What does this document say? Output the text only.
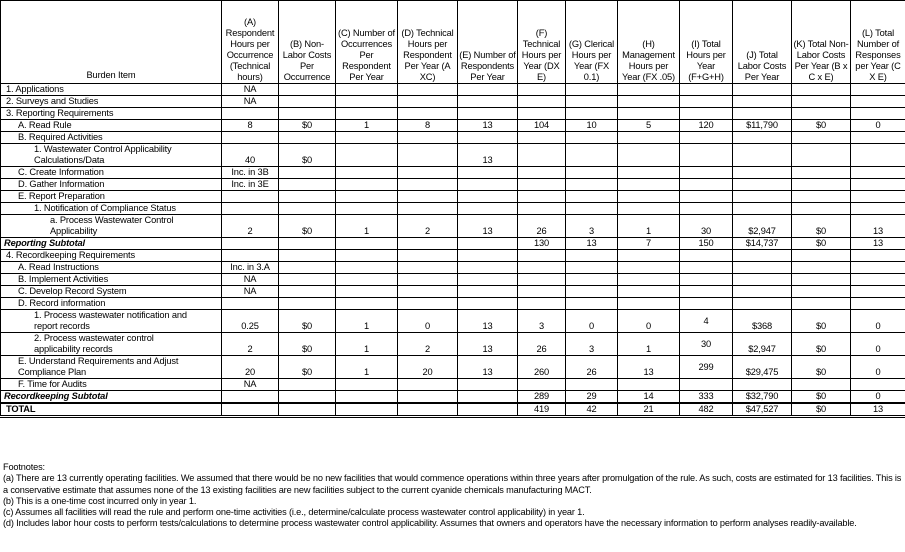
Burden Item	(A) Respondent Hours per Occurrence (Technical hours)	(B) Non-Labor Costs Per Occurrence	(C) Number of Occurrences Per Respondent Per Year	(D) Technical Hours per Respondent Per Year (A XC)	(E) Number of Respondents Per Year	(F) Technical Hours per Year (DX E)	(G) Clerical Hours per Year (FX 0.1)	(H) Management Hours per Year (FX .05)	(I) Total Hours per Year (F+G+H)	(J) Total Labor Costs Per Year	(K) Total Non-Labor Costs Per Year (B x C x E)	(L) Total Number of Responses per Year (C X E)
1. Applications	NA											
2. Surveys and Studies	NA											
3. Reporting Requirements												
A. Read Rule	8	$0	1	8	13	104	10	5	120	$11,790	$0	0
B. Required Activities												
1. Wastewater Control Applicability Calculations/Data	40	$0			13							
C. Create Information	Inc. in 3B											
D. Gather Information	Inc. in 3E											
E. Report Preparation												
1. Notification of Compliance Status												
a. Process Wastewater Control Applicability	2	$0	1	2	13	26	3	1	30	$2,947	$0	13
Reporting Subtotal						130	13	7	150	$14,737	$0	13
4. Recordkeeping Requirements												
A. Read Instructions	Inc. in 3.A											
B. Implement Activities	NA											
C. Develop Record System	NA											
D. Record information												
1. Process wastewater notification and report records	0.25	$0	1	0	13	3	0	0	4	$368	$0	0
2. Process wastewater control applicability records	2	$0	1	2	13	26	3	1	30	$2,947	$0	0
E. Understand Requirements and Adjust Compliance Plan	20	$0	1	20	13	260	26	13	299	$29,475	$0	0
F. Time for Audits	NA											
Recordkeeping Subtotal						289	29	14	333	$32,790	$0	0
TOTAL						419	42	21	482	$47,527	$0	13

Footnotes:

(a) There are 13 currently operating facilities. We assumed that there would be no new facilities that would commence operations within three years after promulgation of the rule. As such, costs are estimated for 13 facilities. This is a conservative estimate that assumes none of the 13 existing facilities are new facilities subject to the current cyanide chemicals manufacturing MACT.

(b) This is a one-time cost incurred only in year 1.

(c) Assumes all facilities will read the rule and perform one-time activities (i.e., determine/calculate process wastewater control applicability) in year 1.

(d) Includes labor hour costs to perform tests/calculations to determine process wastewater control applicability. Assumes that owners and operators have the necessary information to perform analyses readily-available.
